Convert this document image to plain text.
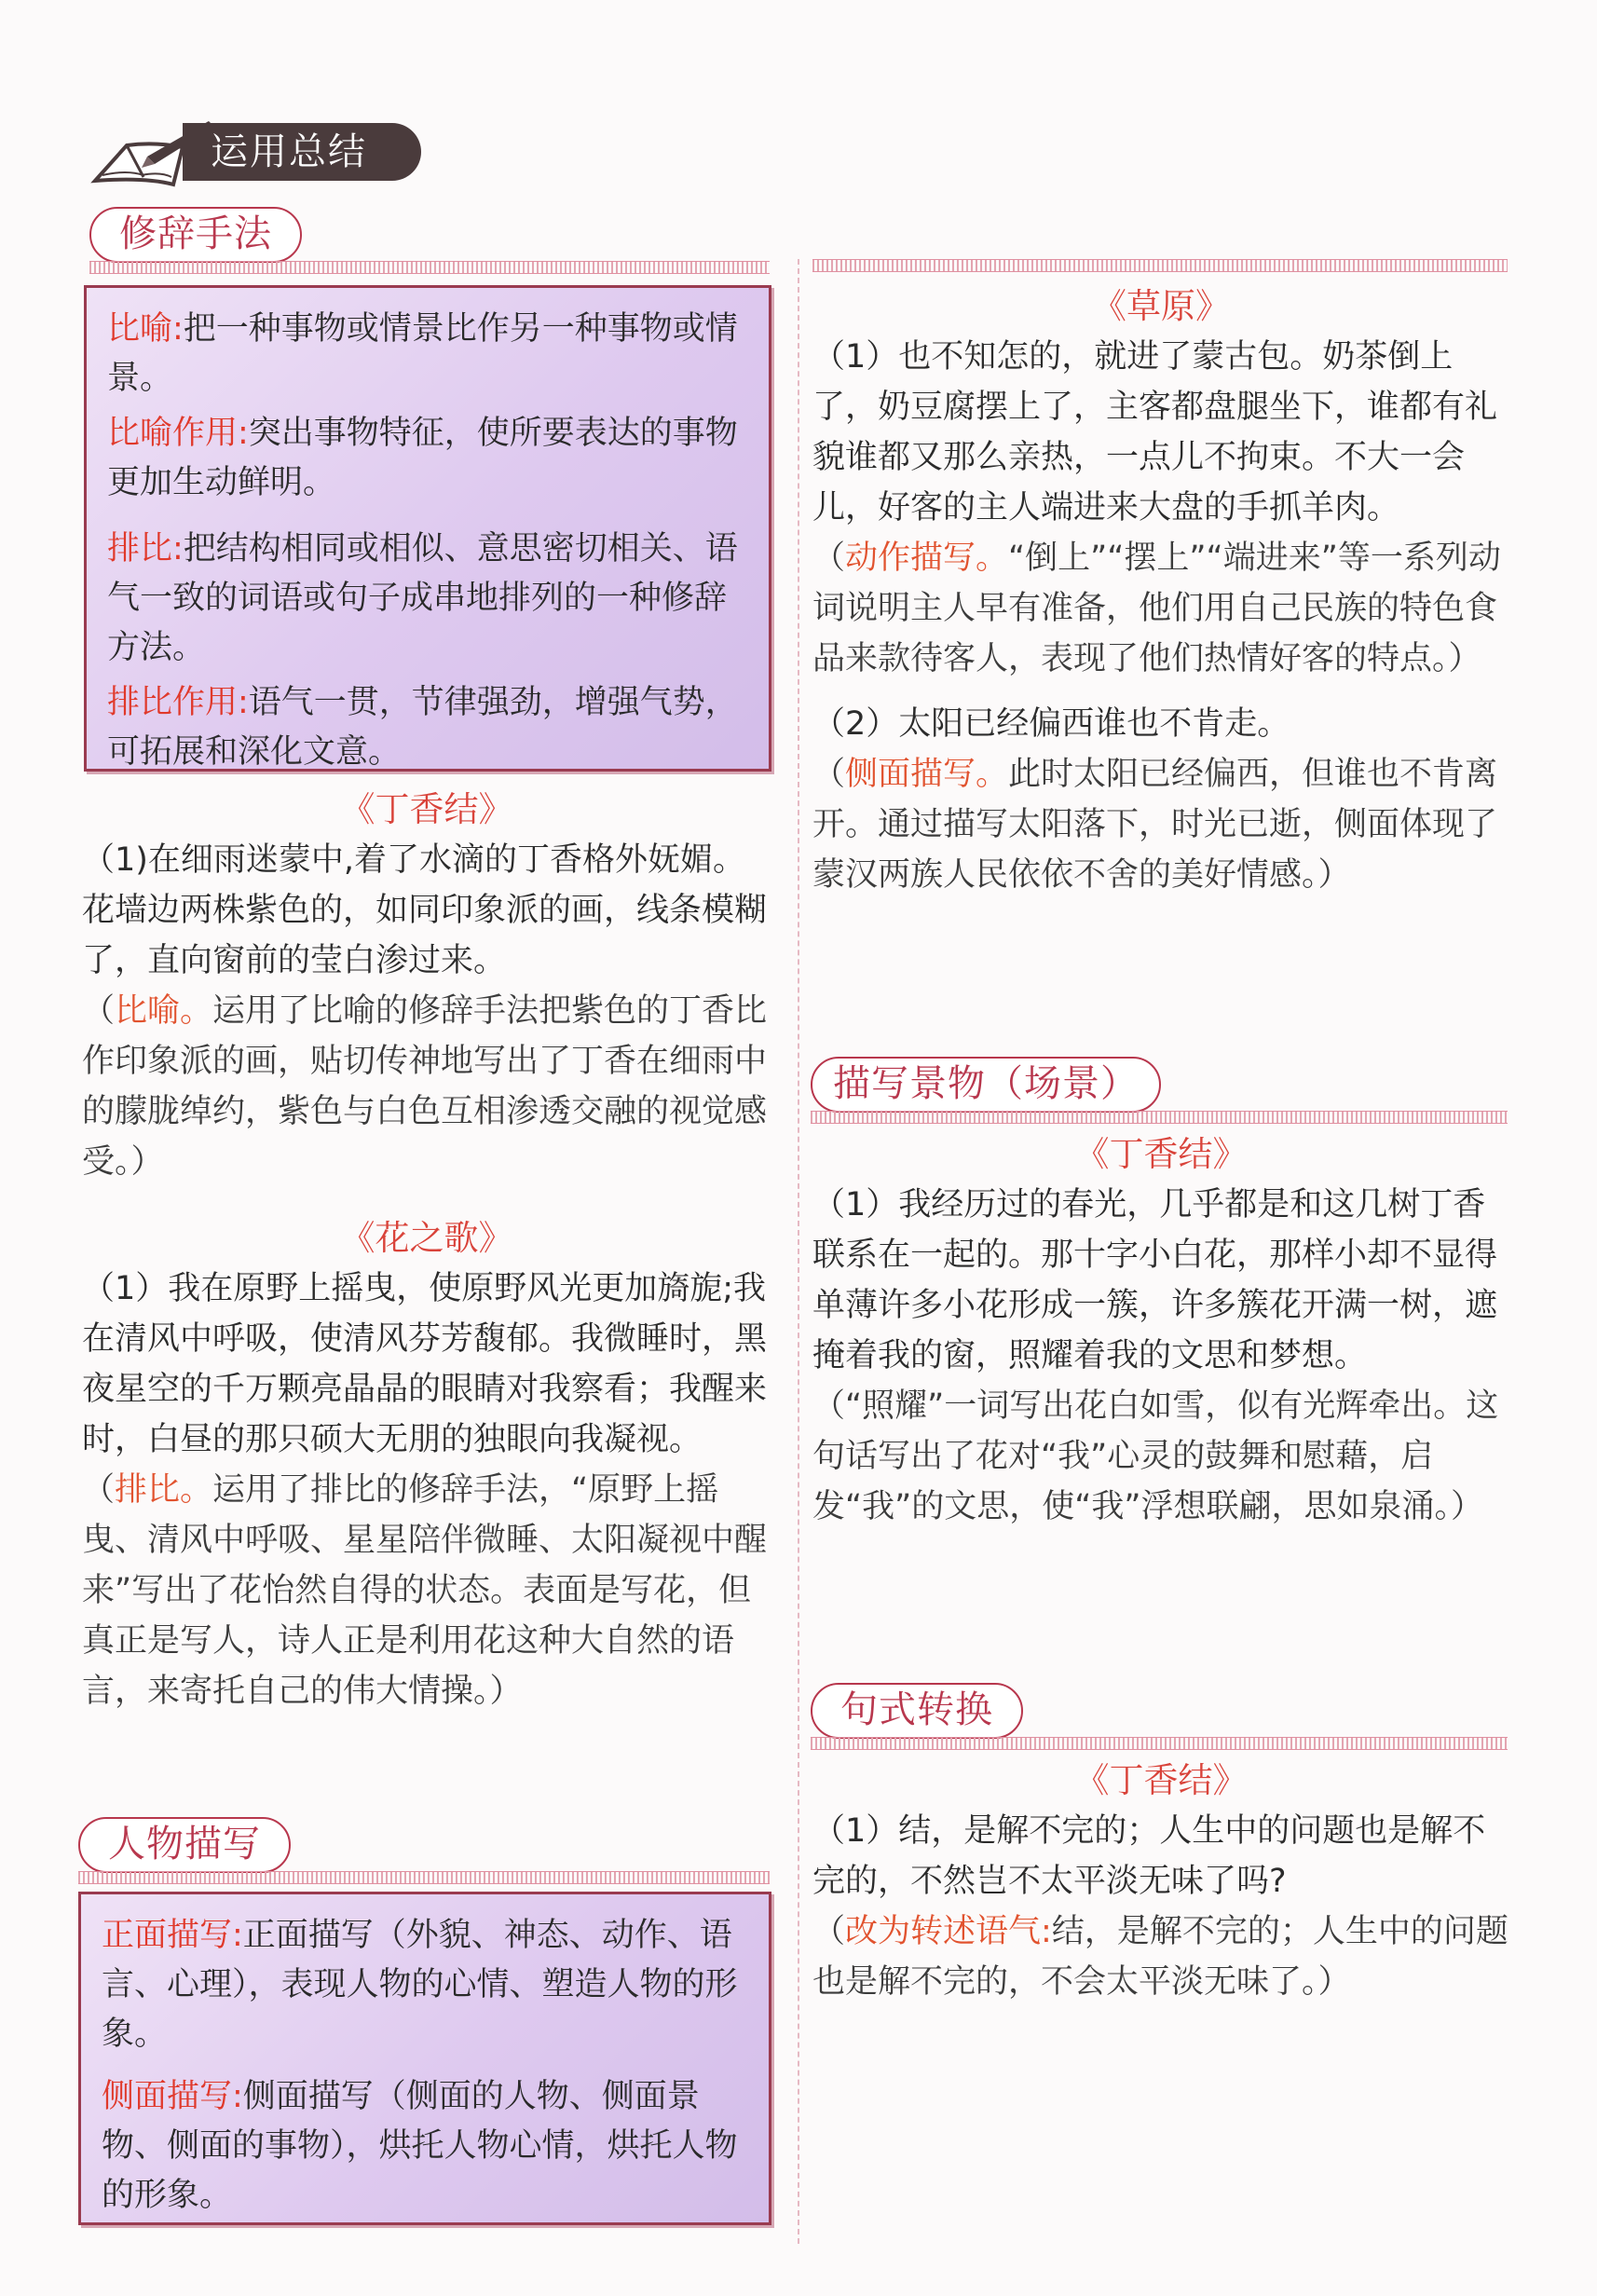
运用总结
修辞手法

比喻:把一种事物或情景比作另一种事物或情景。

比喻作用:突出事物特征，使所要表达的事物更加生动鲜明。

排比:把结构相同或相似、意思密切相关、语气一致的词语或句子成串地排列的一种修辞方法。

排比作用:语气一贯，节律强劲，增强气势，可拓展和深化文意。

《丁香结》

（1)在细雨迷蒙中,着了水滴的丁香格外妩媚。花墙边两株紫色的，如同印象派的画，线条模糊了，直向窗前的莹白渗过来。

（比喻。运用了比喻的修辞手法把紫色的丁香比作印象派的画，贴切传神地写出了丁香在细雨中的朦胧绰约，紫色与白色互相渗透交融的视觉感受。）

《花之歌》

（1）我在原野上摇曳，使原野风光更加旖旎;我在清风中呼吸，使清风芬芳馥郁。我微睡时，黑夜星空的千万颗亮晶晶的眼睛对我察看；我醒来时，白昼的那只硕大无朋的独眼向我凝视。

（排比。运用了排比的修辞手法，“原野上摇曳、清风中呼吸、星星陪伴微睡、太阳凝视中醒来”写出了花怡然自得的状态。表面是写花，但真正是写人，诗人正是利用花这种大自然的语言，来寄托自己的伟大情操。）

人物描写

正面描写:正面描写（外貌、神态、动作、语言、心理），表现人物的心情、塑造人物的形象。

侧面描写:侧面描写（侧面的人物、侧面景物、侧面的事物），烘托人物心情，烘托人物的形象。

《草原》

（1）也不知怎的，就进了蒙古包。奶茶倒上了，奶豆腐摆上了，主客都盘腿坐下，谁都有礼貌谁都又那么亲热，一点儿不拘束。不大一会儿，好客的主人端进来大盘的手抓羊肉。

（动作描写。“倒上”“摆上”“端进来”等一系列动词说明主人早有准备，他们用自己民族的特色食品来款待客人，表现了他们热情好客的特点。）

（2）太阳已经偏西谁也不肯走。

（侧面描写。此时太阳已经偏西，但谁也不肯离开。通过描写太阳落下，时光已逝，侧面体现了蒙汉两族人民依依不舍的美好情感。）

描写景物（场景）

《丁香结》

（1）我经历过的春光，几乎都是和这几树丁香联系在一起的。那十字小白花，那样小却不显得单薄许多小花形成一簇，许多簇花开满一树，遮掩着我的窗，照耀着我的文思和梦想。

（“照耀”一词写出花白如雪，似有光辉牵出。这句话写出了花对“我”心灵的鼓舞和慰藉，启发“我”的文思，使“我”浮想联翩，思如泉涌。）

句式转换

《丁香结》

（1）结，是解不完的；人生中的问题也是解不完的，不然岂不太平淡无味了吗?

（改为转述语气:结，是解不完的；人生中的问题也是解不完的，不会太平淡无味了。）
